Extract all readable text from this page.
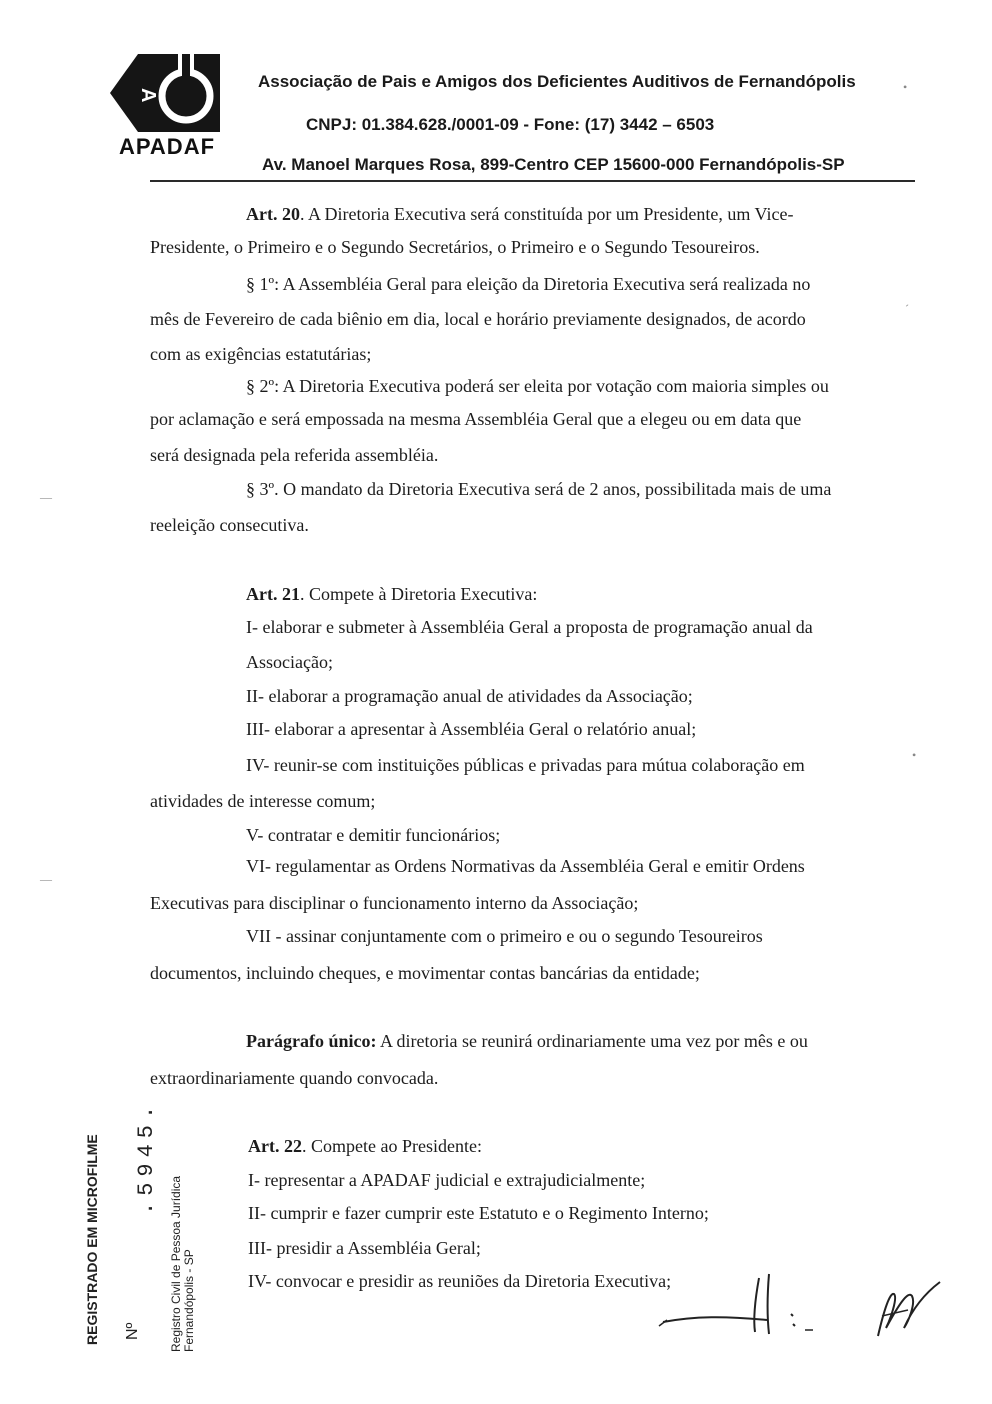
A
APADAF
Associação de Pais e Amigos dos Deficientes Auditivos de Fernandópolis	•
CNPJ: 01.384.628./0001-09 - Fone: (17) 3442 – 6503
Av. Manoel Marques Rosa, 899-Centro CEP 15600-000 Fernandópolis-SP
Art. 20. A Diretoria Executiva será constituída por um Presidente, um Vice-
Presidente, o Primeiro e o Segundo Secretários, o Primeiro e o Segundo Tesoureiros.
§ 1º: A Assembléia Geral para eleição da Diretoria Executiva será realizada no
mês de Fevereiro de cada biênio em dia, local e horário previamente designados, de acordo
com as exigências estatutárias;
§ 2º: A Diretoria Executiva poderá ser eleita por votação com maioria simples ou
por aclamação e será empossada na mesma Assembléia Geral que a elegeu ou em data que
será designada pela referida assembléia.
§ 3º. O mandato da Diretoria Executiva será de 2 anos, possibilitada mais de uma
reeleição consecutiva.
Art. 21. Compete à Diretoria Executiva:
I- elaborar e submeter à Assembléia Geral a proposta de programação anual da
Associação;
II- elaborar a programação anual de atividades da Associação;
III- elaborar a apresentar à Assembléia Geral o relatório anual;
IV- reunir-se com instituições públicas e privadas para mútua colaboração em
atividades de interesse comum;
V- contratar e demitir funcionários;
VI- regulamentar as Ordens Normativas da Assembléia Geral e emitir Ordens
Executivas para disciplinar o funcionamento interno da Associação;
VII - assinar conjuntamente com o primeiro e ou o segundo Tesoureiros
documentos, incluindo cheques, e movimentar contas bancárias da entidade;
Parágrafo único: A diretoria se reunirá ordinariamente uma vez por mês e ou
extraordinariamente quando convocada.
Art. 22. Compete ao Presidente:
I- representar a APADAF judicial e extrajudicialmente;
II- cumprir e fazer cumprir este Estatuto e o Regimento Interno;
III- presidir a Assembléia Geral;
IV- convocar e presidir as reuniões da Diretoria Executiva;
REGISTRADO EM MICROFILME Nº
.5945.
Registro Civil de Pessoa Jurídica Fernandópolis - SP
´
•
—
—
